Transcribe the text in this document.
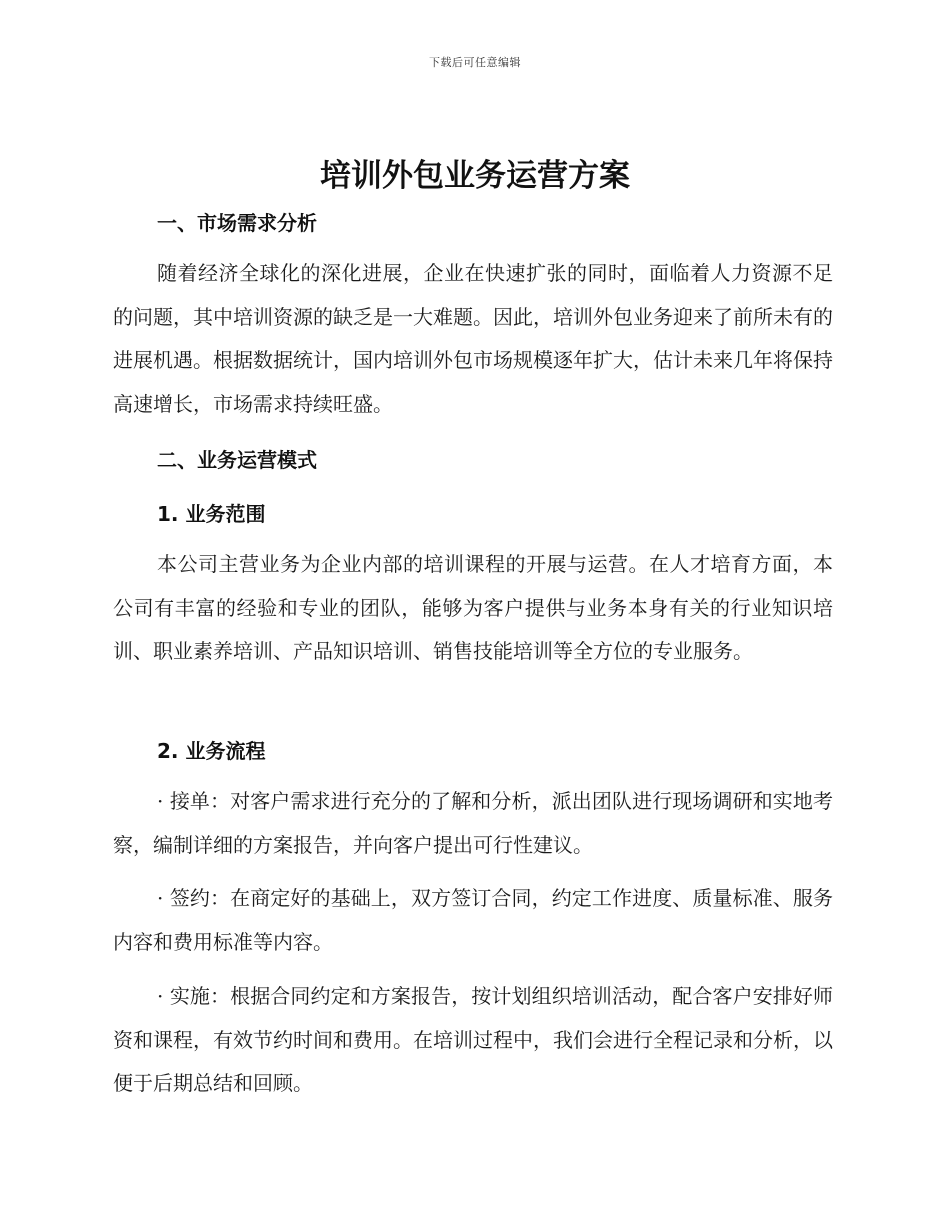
下载后可任意编辑
培训外包业务运营方案
一、市场需求分析
随着经济全球化的深化进展，企业在快速扩张的同时，面临着人力资源不足的问题，其中培训资源的缺乏是一大难题。因此，培训外包业务迎来了前所未有的进展机遇。根据数据统计，国内培训外包市场规模逐年扩大，估计未来几年将保持高速增长，市场需求持续旺盛。
二、业务运营模式
1. 业务范围
本公司主营业务为企业内部的培训课程的开展与运营。在人才培育方面，本公司有丰富的经验和专业的团队，能够为客户提供与业务本身有关的行业知识培训、职业素养培训、产品知识培训、销售技能培训等全方位的专业服务。
2. 业务流程
· 接单：对客户需求进行充分的了解和分析，派出团队进行现场调研和实地考察，编制详细的方案报告，并向客户提出可行性建议。
· 签约：在商定好的基础上，双方签订合同，约定工作进度、质量标准、服务内容和费用标准等内容。
· 实施：根据合同约定和方案报告，按计划组织培训活动，配合客户安排好师资和课程，有效节约时间和费用。在培训过程中，我们会进行全程记录和分析，以便于后期总结和回顾。
